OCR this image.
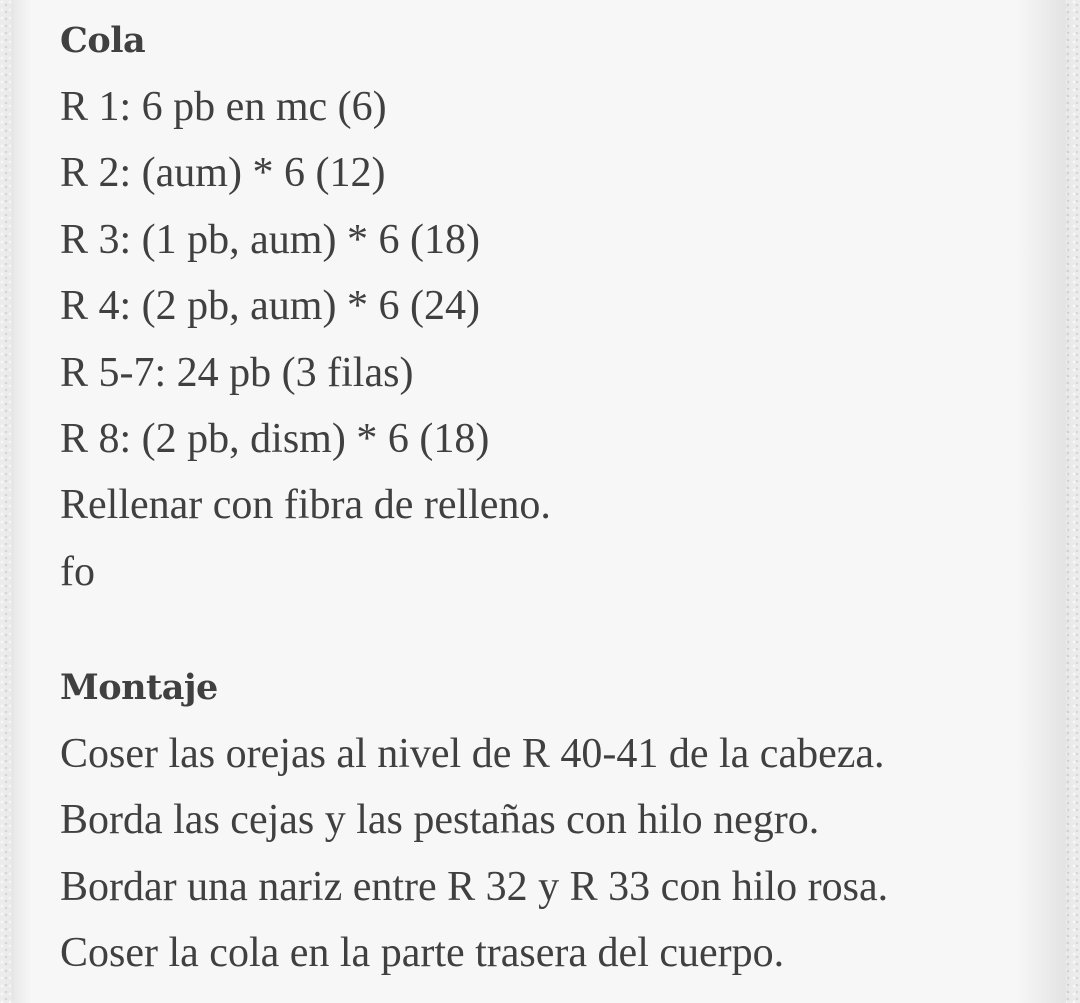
Cola
R 1: 6 pb en mc (6)
R 2: (aum) * 6 (12)
R 3: (1 pb, aum) * 6 (18)
R 4: (2 pb, aum) * 6 (24)
R 5-7: 24 pb (3 filas)
R 8: (2 pb, dism) * 6 (18)
Rellenar con fibra de relleno.
fo
Montaje
Coser las orejas al nivel de R 40-41 de la cabeza.
Borda las cejas y las pestañas con hilo negro.
Bordar una nariz entre R 32 y R 33 con hilo rosa.
Coser la cola en la parte trasera del cuerpo.
